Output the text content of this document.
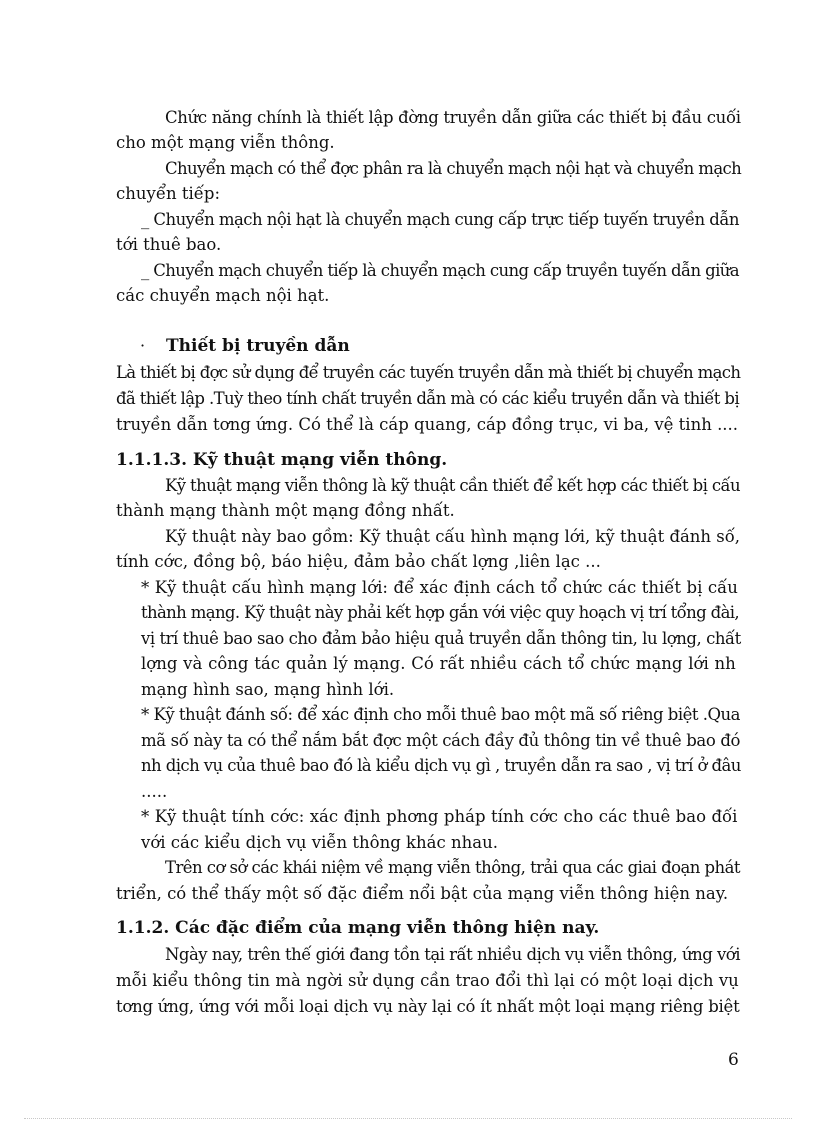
Chức năng chính là thiết lập đờng truyền dẫn giữa các thiết bị đầu cuối

cho một mạng viễn thông.

Chuyển mạch có thể đợc phân ra là chuyển mạch nội hạt và chuyển mạch

chuyển tiếp:

_ Chuyển mạch nội hạt là chuyển mạch cung cấp trực tiếp tuyến truyền dẫn

tới thuê bao.

_ Chuyển mạch chuyển tiếp là chuyển mạch cung cấp truyền tuyến dẫn giữa

các chuyển mạch nội hạt.

· Thiết bị truyền dẫn

Là thiết bị đợc sử dụng để truyền các tuyến truyền dẫn mà thiết bị chuyển mạch

đã thiết lập .Tuỳ theo tính chất truyền dẫn mà có các kiểu truyền dẫn và thiết bị

truyền dẫn tơng ứng. Có thể là cáp quang, cáp đồng trục, vi ba, vệ tinh ....

1.1.1.3. Kỹ thuật mạng viễn thông.

Kỹ thuật mạng viễn thông là kỹ thuật cần thiết để kết hợp các thiết bị cấu

thành mạng thành một mạng đồng nhất.

Kỹ thuật này bao gồm: Kỹ thuật cấu hình mạng lới, kỹ thuật đánh số,

tính cớc, đồng bộ, báo hiệu, đảm bảo chất lợng ,liên lạc ...

* Kỹ thuật cấu hình mạng lới: để xác định cách tổ chức các thiết bị cấu

thành mạng. Kỹ thuật này phải kết hợp gắn với việc quy hoạch vị trí tổng đài,

vị trí thuê bao sao cho đảm bảo hiệu quả truyền dẫn thông tin, lu lợng, chất

lợng và công tác quản lý mạng. Có rất nhiều cách tổ chức mạng lới nh

mạng hình sao, mạng hình lới.

* Kỹ thuật đánh số: để xác định cho mỗi thuê bao một mã số riêng biệt .Qua

mã số này ta có thể nắm bắt đợc một cách đầy đủ thông tin về thuê bao đó

nh dịch vụ của thuê bao đó là kiểu dịch vụ gì , truyền dẫn ra sao , vị trí ở đâu

.....

* Kỹ thuật tính cớc: xác định phơng pháp tính cớc cho các thuê bao đối

với các kiểu dịch vụ viễn thông khác nhau.

Trên cơ sở các khái niệm về mạng viễn thông, trải qua các giai đoạn phát

triển, có thể thấy một số đặc điểm nổi bật của mạng viễn thông hiện nay.

1.1.2. Các đặc điểm của mạng viễn thông hiện nay.

Ngày nay, trên thế giới đang tồn tại rất nhiều dịch vụ viễn thông, ứng với

mỗi kiểu thông tin mà ngời sử dụng cần trao đổi thì lại có một loại dịch vụ

tơng ứng, ứng với mỗi loại dịch vụ này lại có ít nhất một loại mạng riêng biệt

6
